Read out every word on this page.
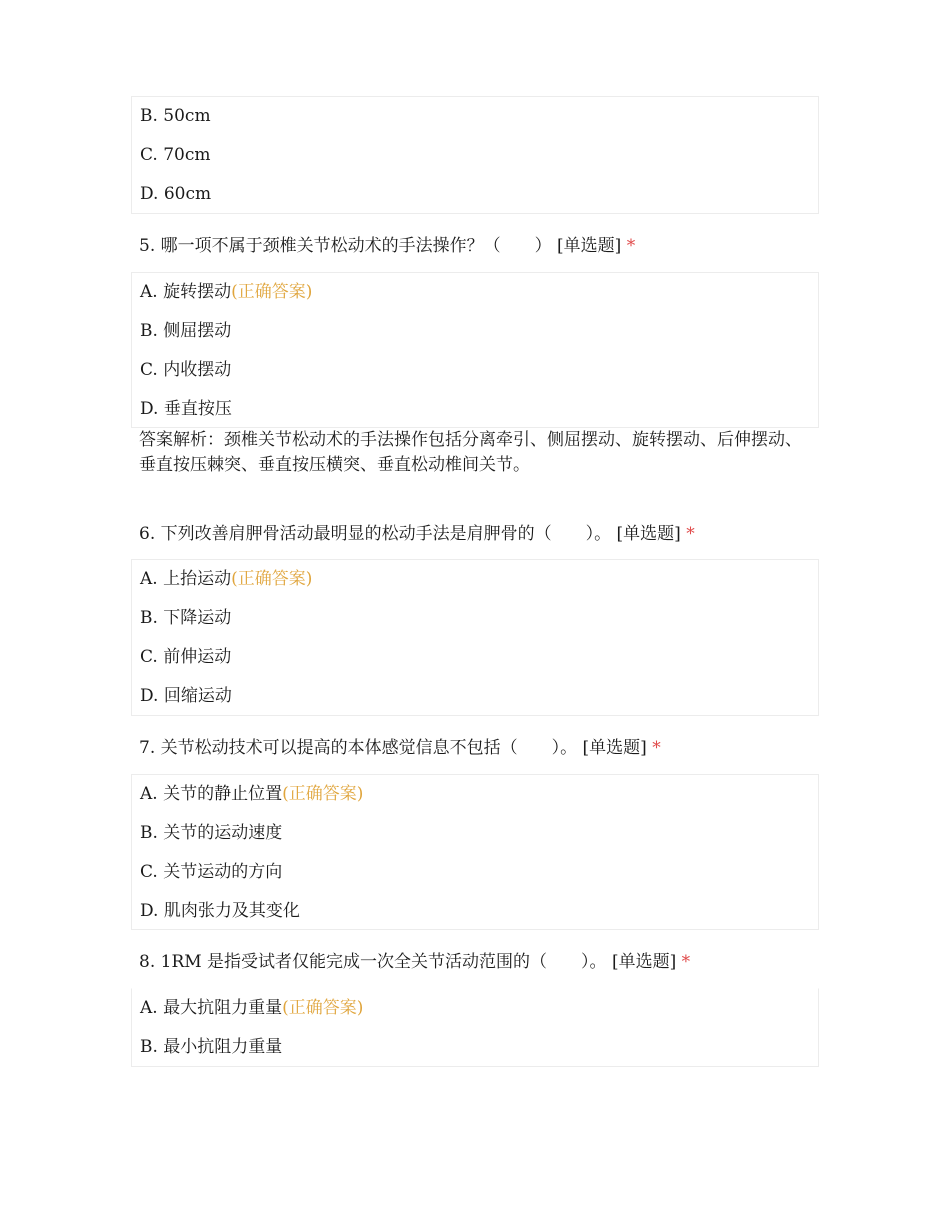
B. 50cm
C. 70cm
D. 60cm
5. 哪一项不属于颈椎关节松动术的手法操作？（　　） [单选题] *
A. 旋转摆动(正确答案)
B. 侧屈摆动
C. 内收摆动
D. 垂直按压
答案解析：颈椎关节松动术的手法操作包括分离牵引、侧屈摆动、旋转摆动、后伸摆动、垂直按压棘突、垂直按压横突、垂直松动椎间关节。
6. 下列改善肩胛骨活动最明显的松动手法是肩胛骨的（　　）。 [单选题] *
A. 上抬运动(正确答案)
B. 下降运动
C. 前伸运动
D. 回缩运动
7. 关节松动技术可以提高的本体感觉信息不包括（　　）。 [单选题] *
A. 关节的静止位置(正确答案)
B. 关节的运动速度
C. 关节运动的方向
D. 肌肉张力及其变化
8. 1RM 是指受试者仅能完成一次全关节活动范围的（　　）。 [单选题] *
A. 最大抗阻力重量(正确答案)
B. 最小抗阻力重量
